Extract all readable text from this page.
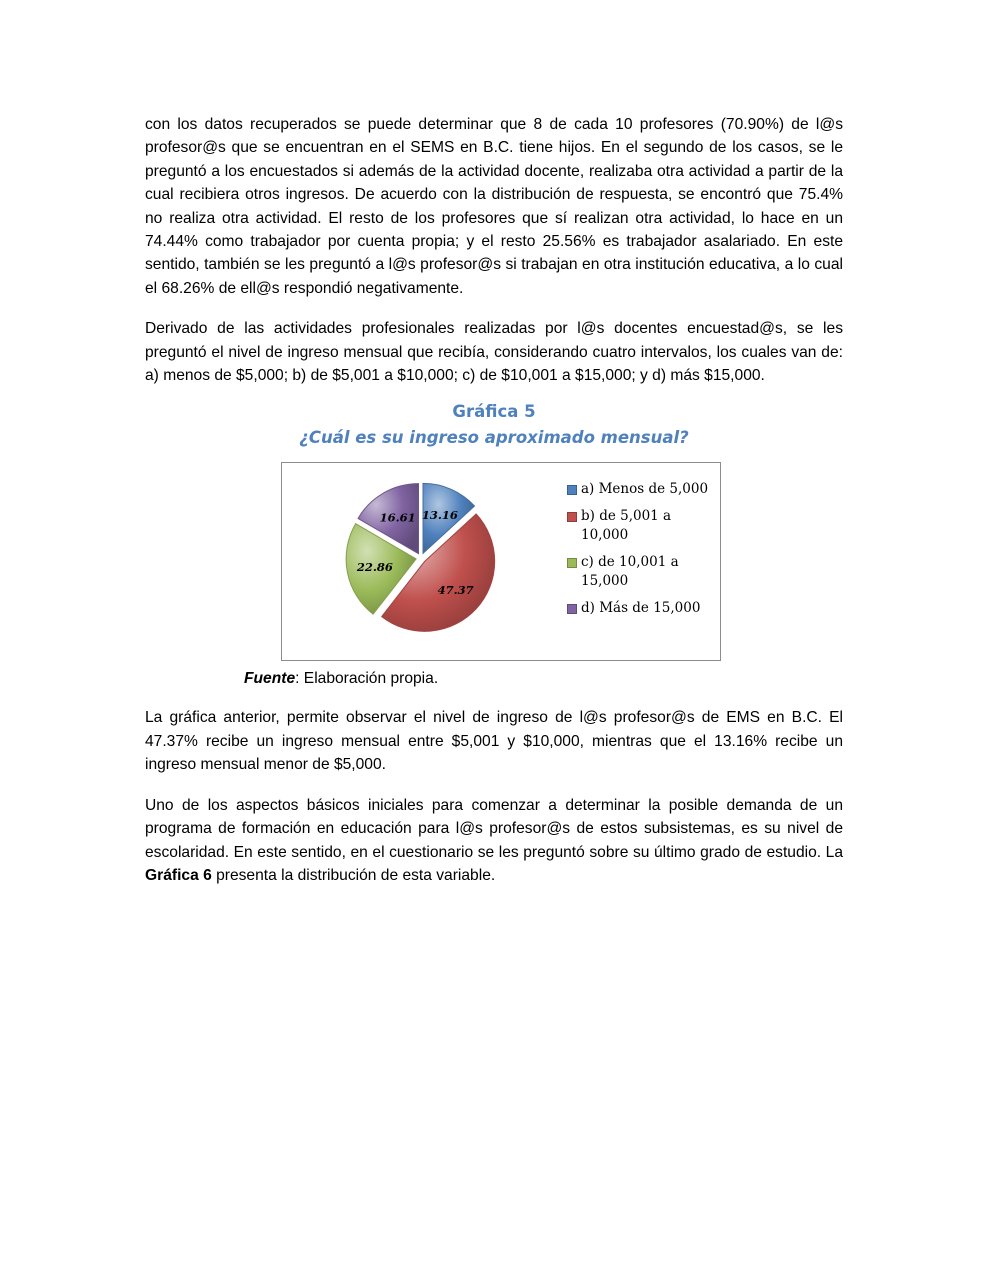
con los datos recuperados se puede determinar que 8 de cada 10 profesores (70.90%) de l@s profesor@s que se encuentran en el SEMS en B.C. tiene hijos. En el segundo de los casos, se le preguntó a los encuestados si además de la actividad docente, realizaba otra actividad a partir de la cual recibiera otros ingresos. De acuerdo con la distribución de respuesta, se encontró que 75.4% no realiza otra actividad. El resto de los profesores que sí realizan otra actividad, lo hace en un 74.44% como trabajador por cuenta propia; y el resto 25.56% es trabajador asalariado. En este sentido, también se les preguntó a l@s profesor@s si trabajan en otra institución educativa, a lo cual el 68.26% de ell@s respondió negativamente.

Derivado de las actividades profesionales realizadas por l@s docentes encuestad@s, se les preguntó el nivel de ingreso mensual que recibía, considerando cuatro intervalos, los cuales van de: a) menos de $5,000; b) de $5,001 a $10,000; c) de $10,001 a $15,000; y d) más $15,000.

Gráfica 5
¿Cuál es su ingreso aproximado mensual?
13.16
47.37
22.86
16.61
a) Menos de 5,000
b) de 5,001 a 10,000
c) de 10,001 a 15,000
d) Más de 15,000
Fuente: Elaboración propia.

La gráfica anterior, permite observar el nivel de ingreso de l@s profesor@s de EMS en B.C. El 47.37% recibe un ingreso mensual entre $5,001 y $10,000, mientras que el 13.16% recibe un ingreso mensual menor de $5,000.

Uno de los aspectos básicos iniciales para comenzar a determinar la posible demanda de un programa de formación en educación para l@s profesor@s de estos subsistemas, es su nivel de escolaridad. En este sentido, en el cuestionario se les preguntó sobre su último grado de estudio. La Gráfica 6 presenta la distribución de esta variable.
